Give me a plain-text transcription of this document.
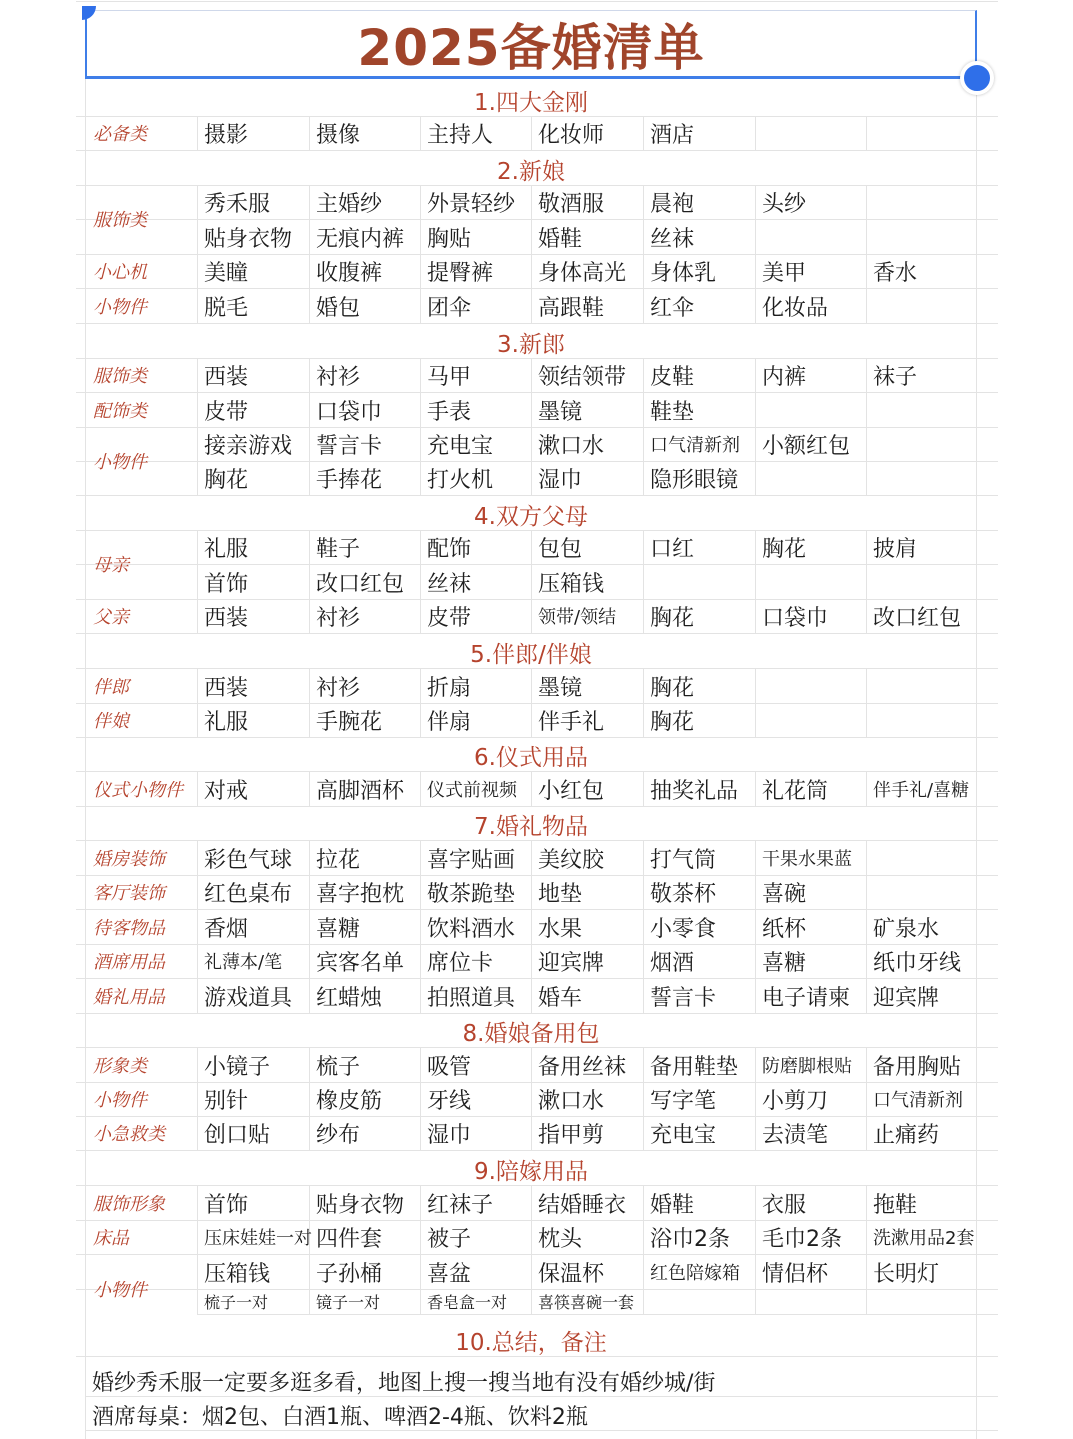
2025备婚清单
1.四大金刚
必备类	摄影	摄像	主持人	化妆师	酒店
2.新娘
服饰类
秀禾服	主婚纱	外景轻纱	敬酒服	晨袍	头纱
贴身衣物	无痕内裤	胸贴	婚鞋	丝袜
小心机	美瞳	收腹裤	提臀裤	身体高光	身体乳	美甲	香水
小物件	脱毛	婚包	团伞	高跟鞋	红伞	化妆品
3.新郎
服饰类	西装	衬衫	马甲	领结领带	皮鞋	内裤	袜子
配饰类	皮带	口袋巾	手表	墨镜	鞋垫
小物件
接亲游戏	誓言卡	充电宝	漱口水	口气清新剂	小额红包
胸花	手捧花	打火机	湿巾	隐形眼镜
4.双方父母
母亲
礼服	鞋子	配饰	包包	口红	胸花	披肩
首饰	改口红包	丝袜	压箱钱
父亲	西装	衬衫	皮带	领带/领结	胸花	口袋巾	改口红包
5.伴郎/伴娘
伴郎	西装	衬衫	折扇	墨镜	胸花
伴娘	礼服	手腕花	伴扇	伴手礼	胸花
6.仪式用品
仪式小物件 对戒	高脚酒杯	仪式前视频 小红包	抽奖礼品	礼花筒	伴手礼/喜糖
7.婚礼物品
婚房装饰	彩色气球	拉花	喜字贴画	美纹胶	打气筒	干果水果蓝
客厅装饰	红色桌布	喜字抱枕	敬茶跪垫	地垫	敬茶杯	喜碗
待客物品	香烟	喜糖	饮料酒水	水果	小零食	纸杯	矿泉水
酒席用品	礼薄本/笔	宾客名单	席位卡	迎宾牌	烟酒	喜糖	纸巾牙线
婚礼用品	游戏道具	红蜡烛	拍照道具	婚车	誓言卡	电子请柬	迎宾牌
8.婚娘备用包
形象类	小镜子	梳子	吸管	备用丝袜	备用鞋垫	防磨脚根贴 备用胸贴
小物件	别针	橡皮筋	牙线	漱口水	写字笔	小剪刀	口气清新剂
小急救类	创口贴	纱布	湿巾	指甲剪	充电宝	去渍笔	止痛药
9.陪嫁用品
服饰形象	首饰	贴身衣物	红袜子	结婚睡衣	婚鞋	衣服	拖鞋
床品	压床娃娃一对 四件套	被子	枕头	浴巾2条	毛巾2条	洗漱用品2套
小物件
压箱钱	子孙桶	喜盆	保温杯	红色陪嫁箱	情侣杯	长明灯
梳子一对	镜子一对	香皂盒一对	喜筷喜碗一套
10.总结，备注
婚纱秀禾服一定要多逛多看，地图上搜一搜当地有没有婚纱城/街
酒席每桌：烟2包、白酒1瓶、啤酒2-4瓶、饮料2瓶
